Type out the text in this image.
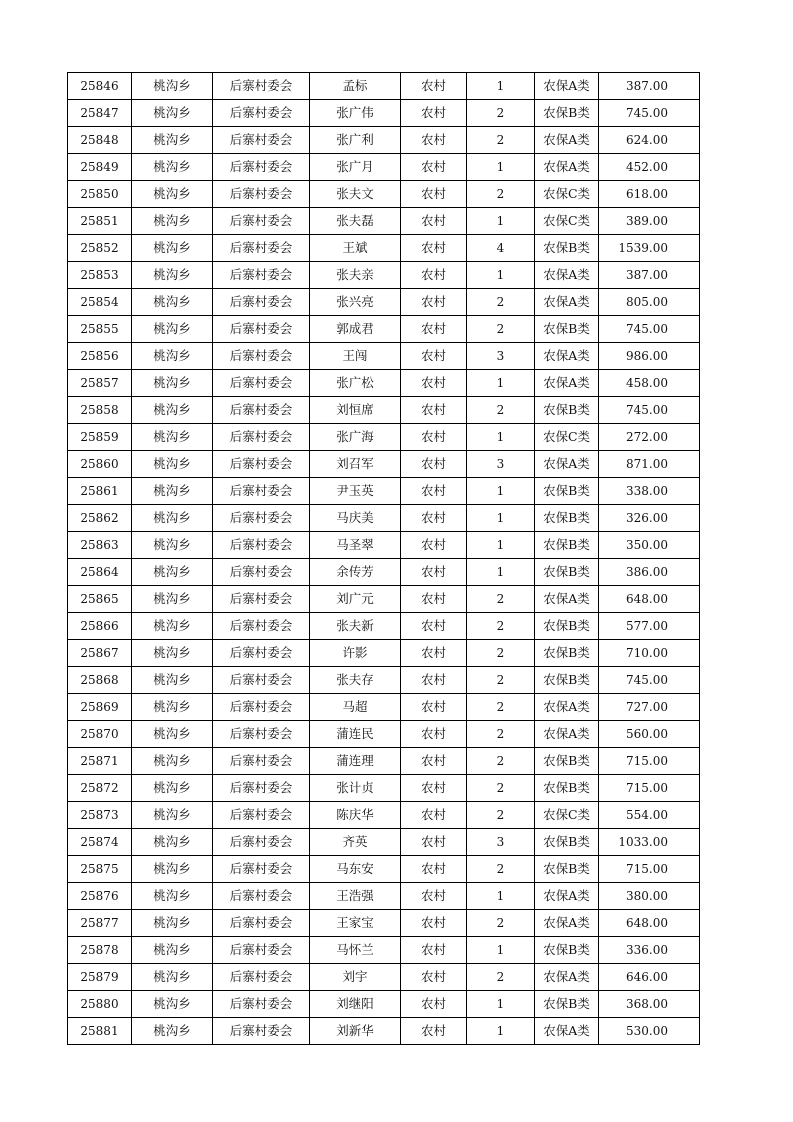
25846	桃沟乡	后寨村委会	孟标	农村	1	农保A类	387.00
25847	桃沟乡	后寨村委会	张广伟	农村	2	农保B类	745.00
25848	桃沟乡	后寨村委会	张广利	农村	2	农保A类	624.00
25849	桃沟乡	后寨村委会	张广月	农村	1	农保A类	452.00
25850	桃沟乡	后寨村委会	张夫文	农村	2	农保C类	618.00
25851	桃沟乡	后寨村委会	张夫磊	农村	1	农保C类	389.00
25852	桃沟乡	后寨村委会	王斌	农村	4	农保B类	1539.00
25853	桃沟乡	后寨村委会	张夫亲	农村	1	农保A类	387.00
25854	桃沟乡	后寨村委会	张兴亮	农村	2	农保A类	805.00
25855	桃沟乡	后寨村委会	郭成君	农村	2	农保B类	745.00
25856	桃沟乡	后寨村委会	王闯	农村	3	农保A类	986.00
25857	桃沟乡	后寨村委会	张广松	农村	1	农保A类	458.00
25858	桃沟乡	后寨村委会	刘恒席	农村	2	农保B类	745.00
25859	桃沟乡	后寨村委会	张广海	农村	1	农保C类	272.00
25860	桃沟乡	后寨村委会	刘召军	农村	3	农保A类	871.00
25861	桃沟乡	后寨村委会	尹玉英	农村	1	农保B类	338.00
25862	桃沟乡	后寨村委会	马庆美	农村	1	农保B类	326.00
25863	桃沟乡	后寨村委会	马圣翠	农村	1	农保B类	350.00
25864	桃沟乡	后寨村委会	余传芳	农村	1	农保B类	386.00
25865	桃沟乡	后寨村委会	刘广元	农村	2	农保A类	648.00
25866	桃沟乡	后寨村委会	张夫新	农村	2	农保B类	577.00
25867	桃沟乡	后寨村委会	许影	农村	2	农保B类	710.00
25868	桃沟乡	后寨村委会	张夫存	农村	2	农保B类	745.00
25869	桃沟乡	后寨村委会	马超	农村	2	农保A类	727.00
25870	桃沟乡	后寨村委会	蒲连民	农村	2	农保A类	560.00
25871	桃沟乡	后寨村委会	蒲连理	农村	2	农保B类	715.00
25872	桃沟乡	后寨村委会	张计贞	农村	2	农保B类	715.00
25873	桃沟乡	后寨村委会	陈庆华	农村	2	农保C类	554.00
25874	桃沟乡	后寨村委会	齐英	农村	3	农保B类	1033.00
25875	桃沟乡	后寨村委会	马东安	农村	2	农保B类	715.00
25876	桃沟乡	后寨村委会	王浩强	农村	1	农保A类	380.00
25877	桃沟乡	后寨村委会	王家宝	农村	2	农保A类	648.00
25878	桃沟乡	后寨村委会	马怀兰	农村	1	农保B类	336.00
25879	桃沟乡	后寨村委会	刘宇	农村	2	农保A类	646.00
25880	桃沟乡	后寨村委会	刘继阳	农村	1	农保B类	368.00
25881	桃沟乡	后寨村委会	刘新华	农村	1	农保A类	530.00
